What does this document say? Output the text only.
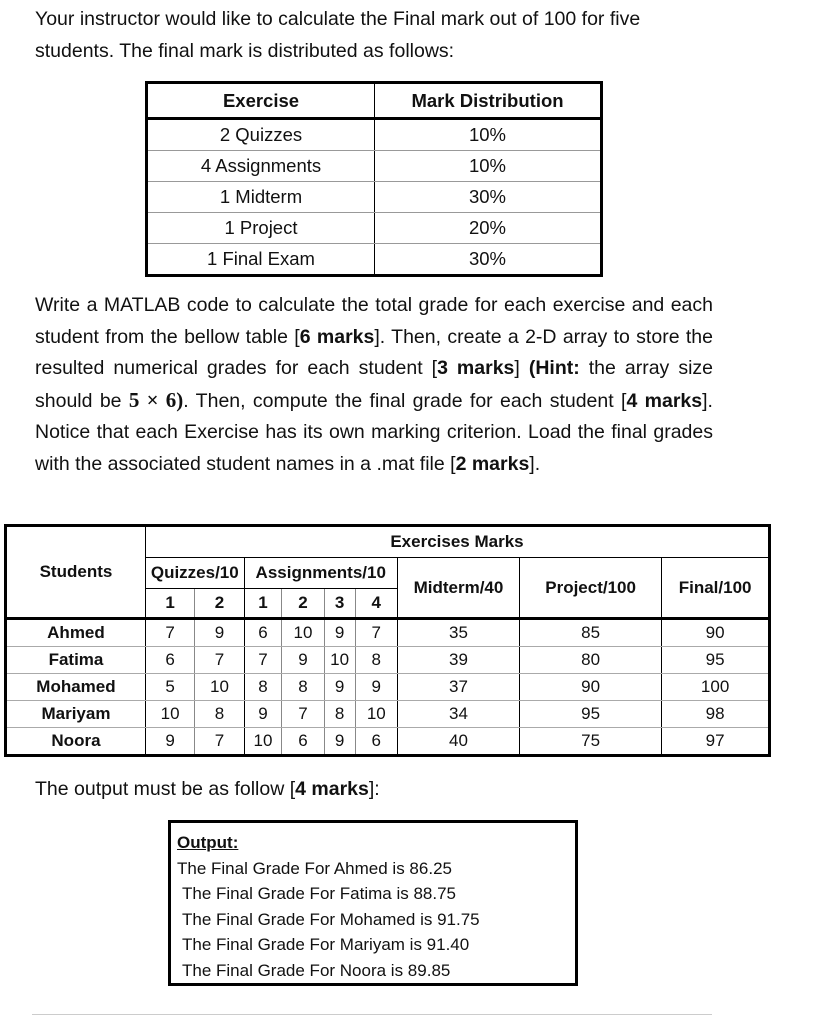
Your instructor would like to calculate the Final mark out of 100 for five students. The final mark is distributed as follows:

Exercise	Mark Distribution
2 Quizzes	10%
4 Assignments	10%
1 Midterm	30%
1 Project	20%
1 Final Exam	30%

Write a MATLAB code to calculate the total grade for each exercise and each student from the bellow table [6 marks]. Then, create a 2-D array to store the resulted numerical grades for each student [3 marks] (Hint: the array size should be 5 × 6). Then, compute the final grade for each student [4 marks]. Notice that each Exercise has its own marking criterion. Load the final grades with the associated student names in a .mat file [2 marks].

Students	Exercises Marks								
	Quizzes/10		Assignments/10				Midterm/40	Project/100	Final/100
	1	2	1	2	3	4			
Ahmed	7	9	6	10	9	7	35	85	90
Fatima	6	7	7	9	10	8	39	80	95
Mohamed	5	10	8	8	9	9	37	90	100
Mariyam	10	8	9	7	8	10	34	95	98
Noora	9	7	10	6	9	6	40	75	97

The output must be as follow [4 marks]:

Output:
The Final Grade For Ahmed is 86.25
The Final Grade For Fatima is 88.75
The Final Grade For Mohamed is 91.75
The Final Grade For Mariyam is 91.40
The Final Grade For Noora is 89.85
